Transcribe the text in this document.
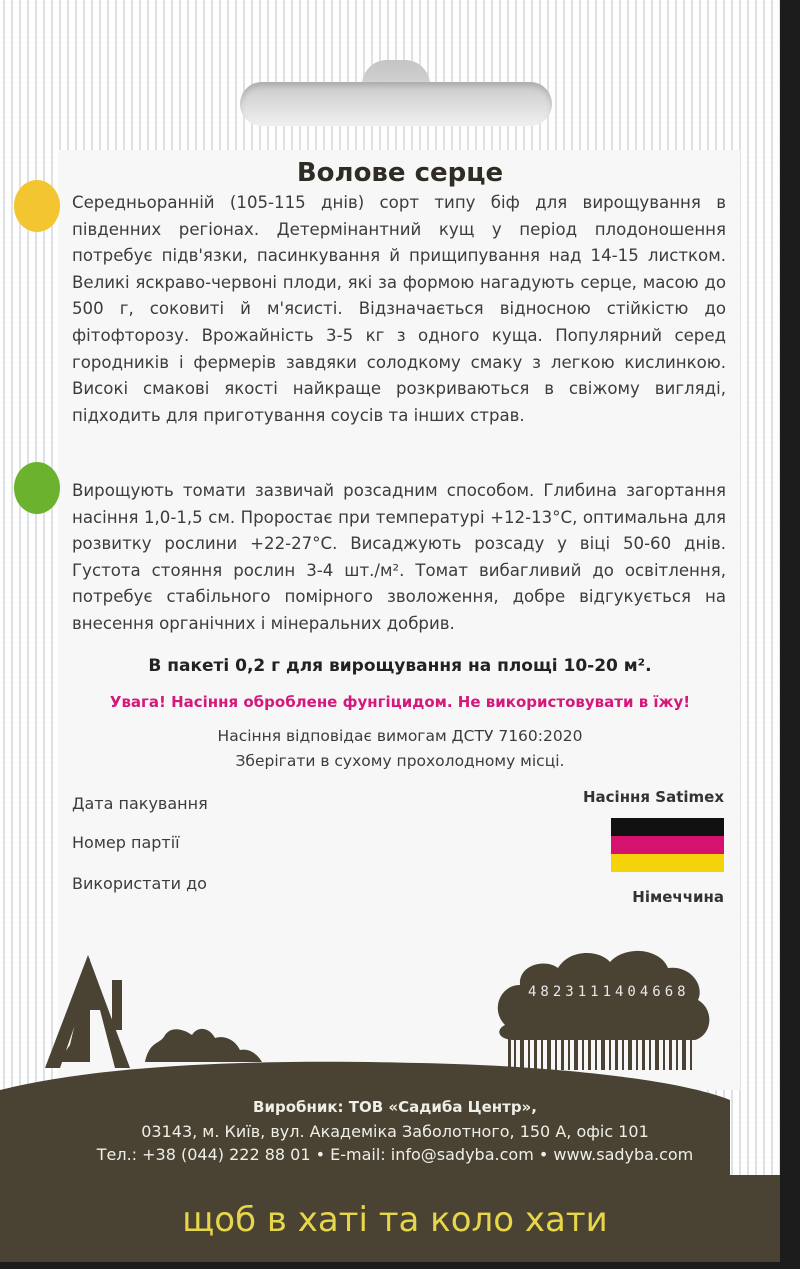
Волове серце
Середньоранній (105-115 днів) сорт типу біф для вирощування в південних регіонах. Детермінантний кущ у період плодоношення потребує підв'язки, пасинкування й прищипування над 14-15 листком. Великі яскраво-червоні плоди, які за формою нагадують серце, масою до 500 г, соковиті й м'ясисті. Відзначається відносною стійкістю до фітофторозу. Врожайність 3-5 кг з одного куща. Популярний серед городників і фермерів завдяки солодкому смаку з легкою кислинкою. Високі смакові якості найкраще розкриваються в свіжому вигляді, підходить для приготування соусів та інших страв.
Вирощують томати зазвичай розсадним способом. Глибина загортання насіння 1,0-1,5 см. Проростає при температурі +12-13°С, оптимальна для розвитку рослини +22-27°С. Висаджують розсаду у віці 50-60 днів. Густота стояння рослин 3-4 шт./м². Томат вибагливий до освітлення, потребує стабільного помірного зволоження, добре відгукується на внесення органічних і мінеральних добрив.
В пакеті 0,2 г для вирощування на площі 10-20 м².
Увага! Насіння оброблене фунгіцидом. Не використовувати в їжу!
Насіння відповідає вимогам ДСТУ 7160:2020
Зберігати в сухому прохолодному місці.
Дата пакування
Номер партії
Використати до
Насіння Satimex
Німеччина
4823111404668
Виробник: ТОВ «Садиба Центр»,
03143, м. Київ, вул. Академіка Заболотного, 150 А, офіс 101
Тел.: +38 (044) 222 88 01 • E-mail: info@sadyba.com • www.sadyba.com
щоб в хаті та коло хати
